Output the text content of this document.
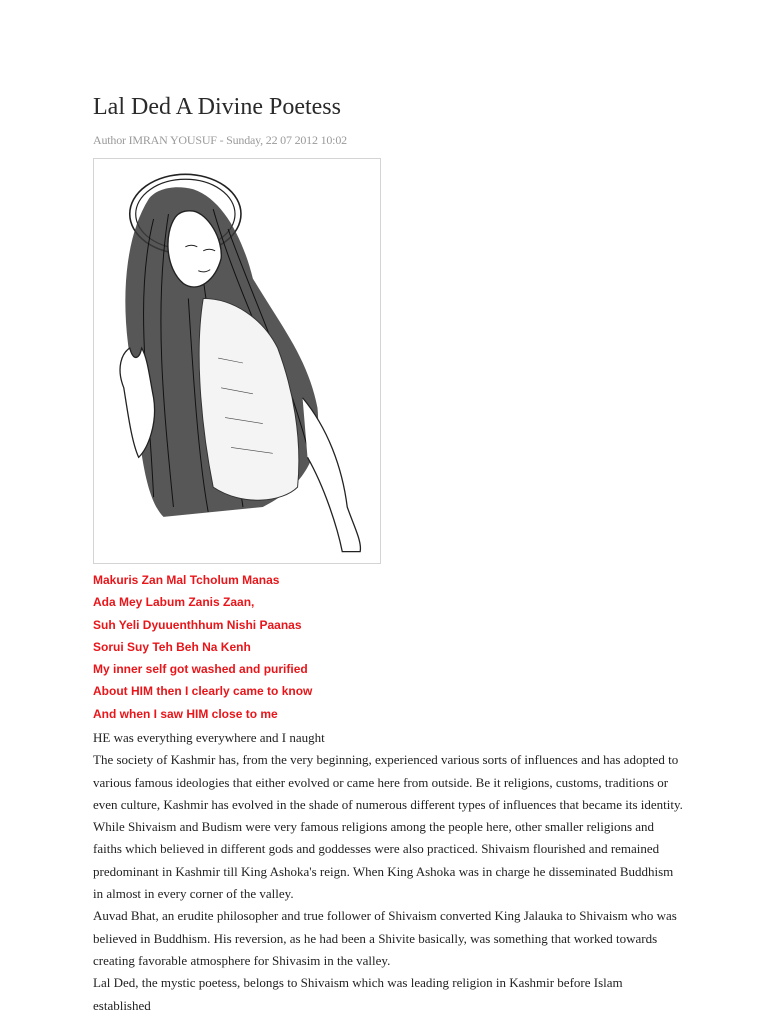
Lal Ded A Divine Poetess
Author IMRAN YOUSUF - Sunday, 22 07 2012 10:02
Makuris Zan Mal Tcholum Manas
Ada Mey Labum Zanis Zaan,
Suh Yeli Dyuuenthhum Nishi Paanas
Sorui Suy Teh Beh Na Kenh
My inner self got washed and purified
About HIM then I clearly came to know
And when I saw HIM close to me

HE was everything everywhere and I naught

The society of Kashmir has, from the very beginning, experienced various sorts of influences and has adopted to various famous ideologies that either evolved or came here from outside. Be it religions, customs, traditions or even culture, Kashmir has evolved in the shade of numerous different types of influences that became its identity. While Shivaism and Budism were very famous religions among the people here, other smaller religions and faiths which believed in different gods and goddesses were also practiced. Shivaism flourished and remained predominant in Kashmir till King Ashoka's reign. When King Ashoka was in charge he disseminated Buddhism in almost in every corner of the valley.

Auvad Bhat, an erudite philosopher and true follower of Shivaism converted King Jalauka to Shivaism who was believed in Buddhism. His reversion, as he had been a Shivite basically, was something that worked towards creating favorable atmosphere for Shivasim in the valley.

Lal Ded, the mystic poetess, belongs to Shivaism which was leading religion in Kashmir before Islam established
